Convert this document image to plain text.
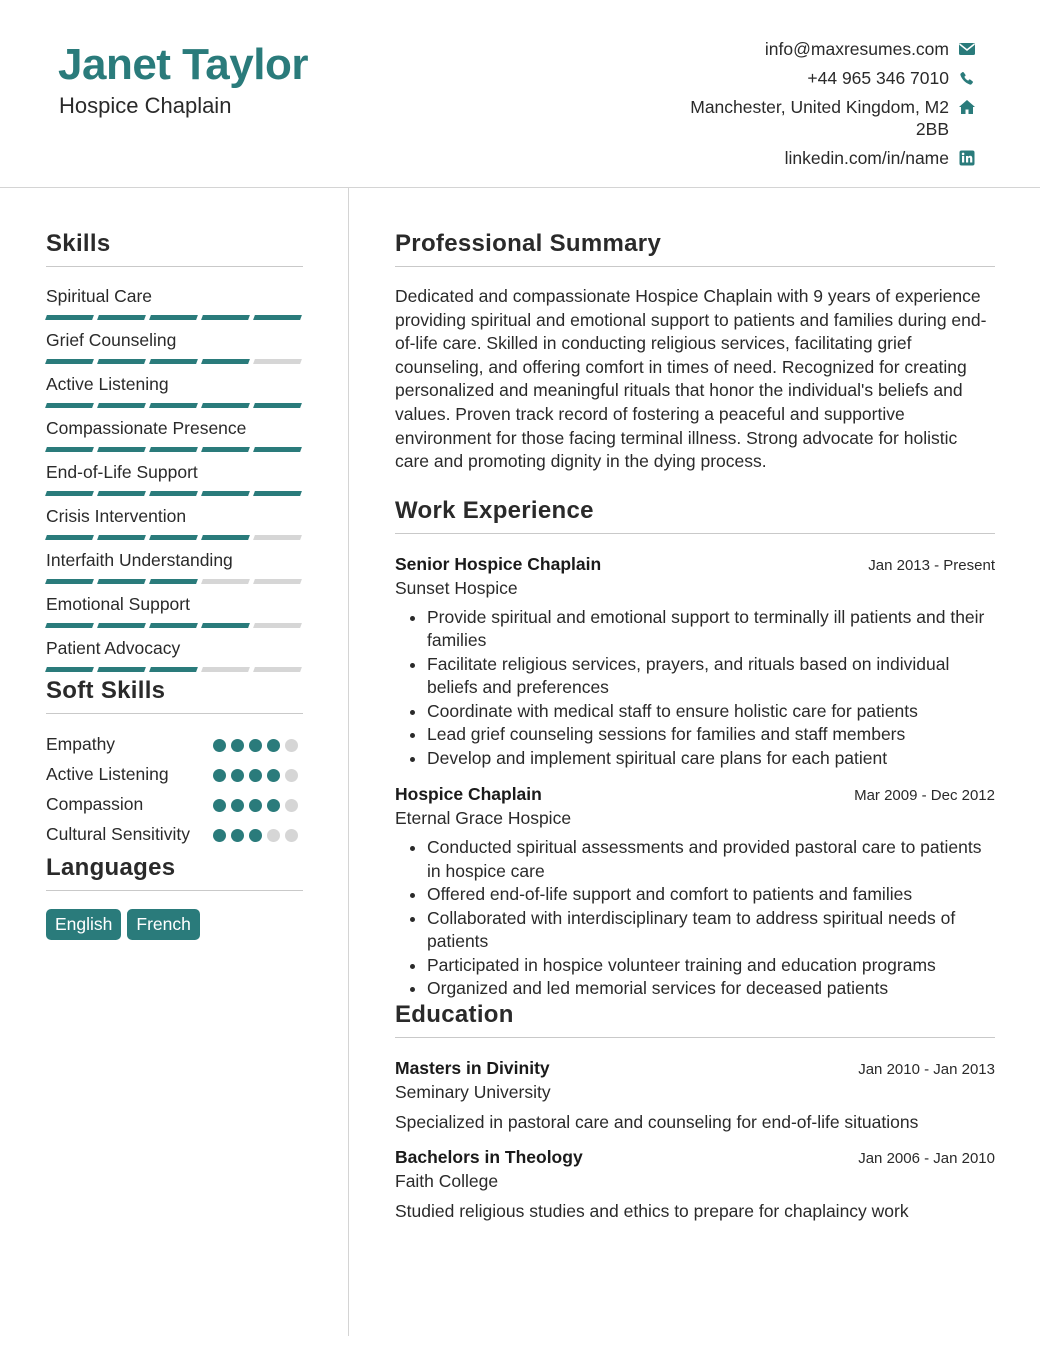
Janet Taylor
Hospice Chaplain
info@maxresumes.com
+44 965 346 7010
Manchester, United Kingdom, M2 2BB
linkedin.com/in/name
Skills
Spiritual Care
Grief Counseling
Active Listening
Compassionate Presence
End-of-Life Support
Crisis Intervention
Interfaith Understanding
Emotional Support
Patient Advocacy
Soft Skills
Empathy
Active Listening
Compassion
Cultural Sensitivity
Languages
English	French
Professional Summary
Dedicated and compassionate Hospice Chaplain with 9 years of experience providing spiritual and emotional support to patients and families during end-of-life care. Skilled in conducting religious services, facilitating grief counseling, and offering comfort in times of need. Recognized for creating personalized and meaningful rituals that honor the individual's beliefs and values. Proven track record of fostering a peaceful and supportive environment for those facing terminal illness. Strong advocate for holistic care and promoting dignity in the dying process.
Work Experience
Senior Hospice Chaplain	Jan 2013 - Present
Sunset Hospice
• Provide spiritual and emotional support to terminally ill patients and their families
• Facilitate religious services, prayers, and rituals based on individual beliefs and preferences
• Coordinate with medical staff to ensure holistic care for patients
• Lead grief counseling sessions for families and staff members
• Develop and implement spiritual care plans for each patient
Hospice Chaplain	Mar 2009 - Dec 2012
Eternal Grace Hospice
• Conducted spiritual assessments and provided pastoral care to patients in hospice care
• Offered end-of-life support and comfort to patients and families
• Collaborated with interdisciplinary team to address spiritual needs of patients
• Participated in hospice volunteer training and education programs
• Organized and led memorial services for deceased patients
Education
Masters in Divinity	Jan 2010 - Jan 2013
Seminary University
Specialized in pastoral care and counseling for end-of-life situations
Bachelors in Theology	Jan 2006 - Jan 2010
Faith College
Studied religious studies and ethics to prepare for chaplaincy work
